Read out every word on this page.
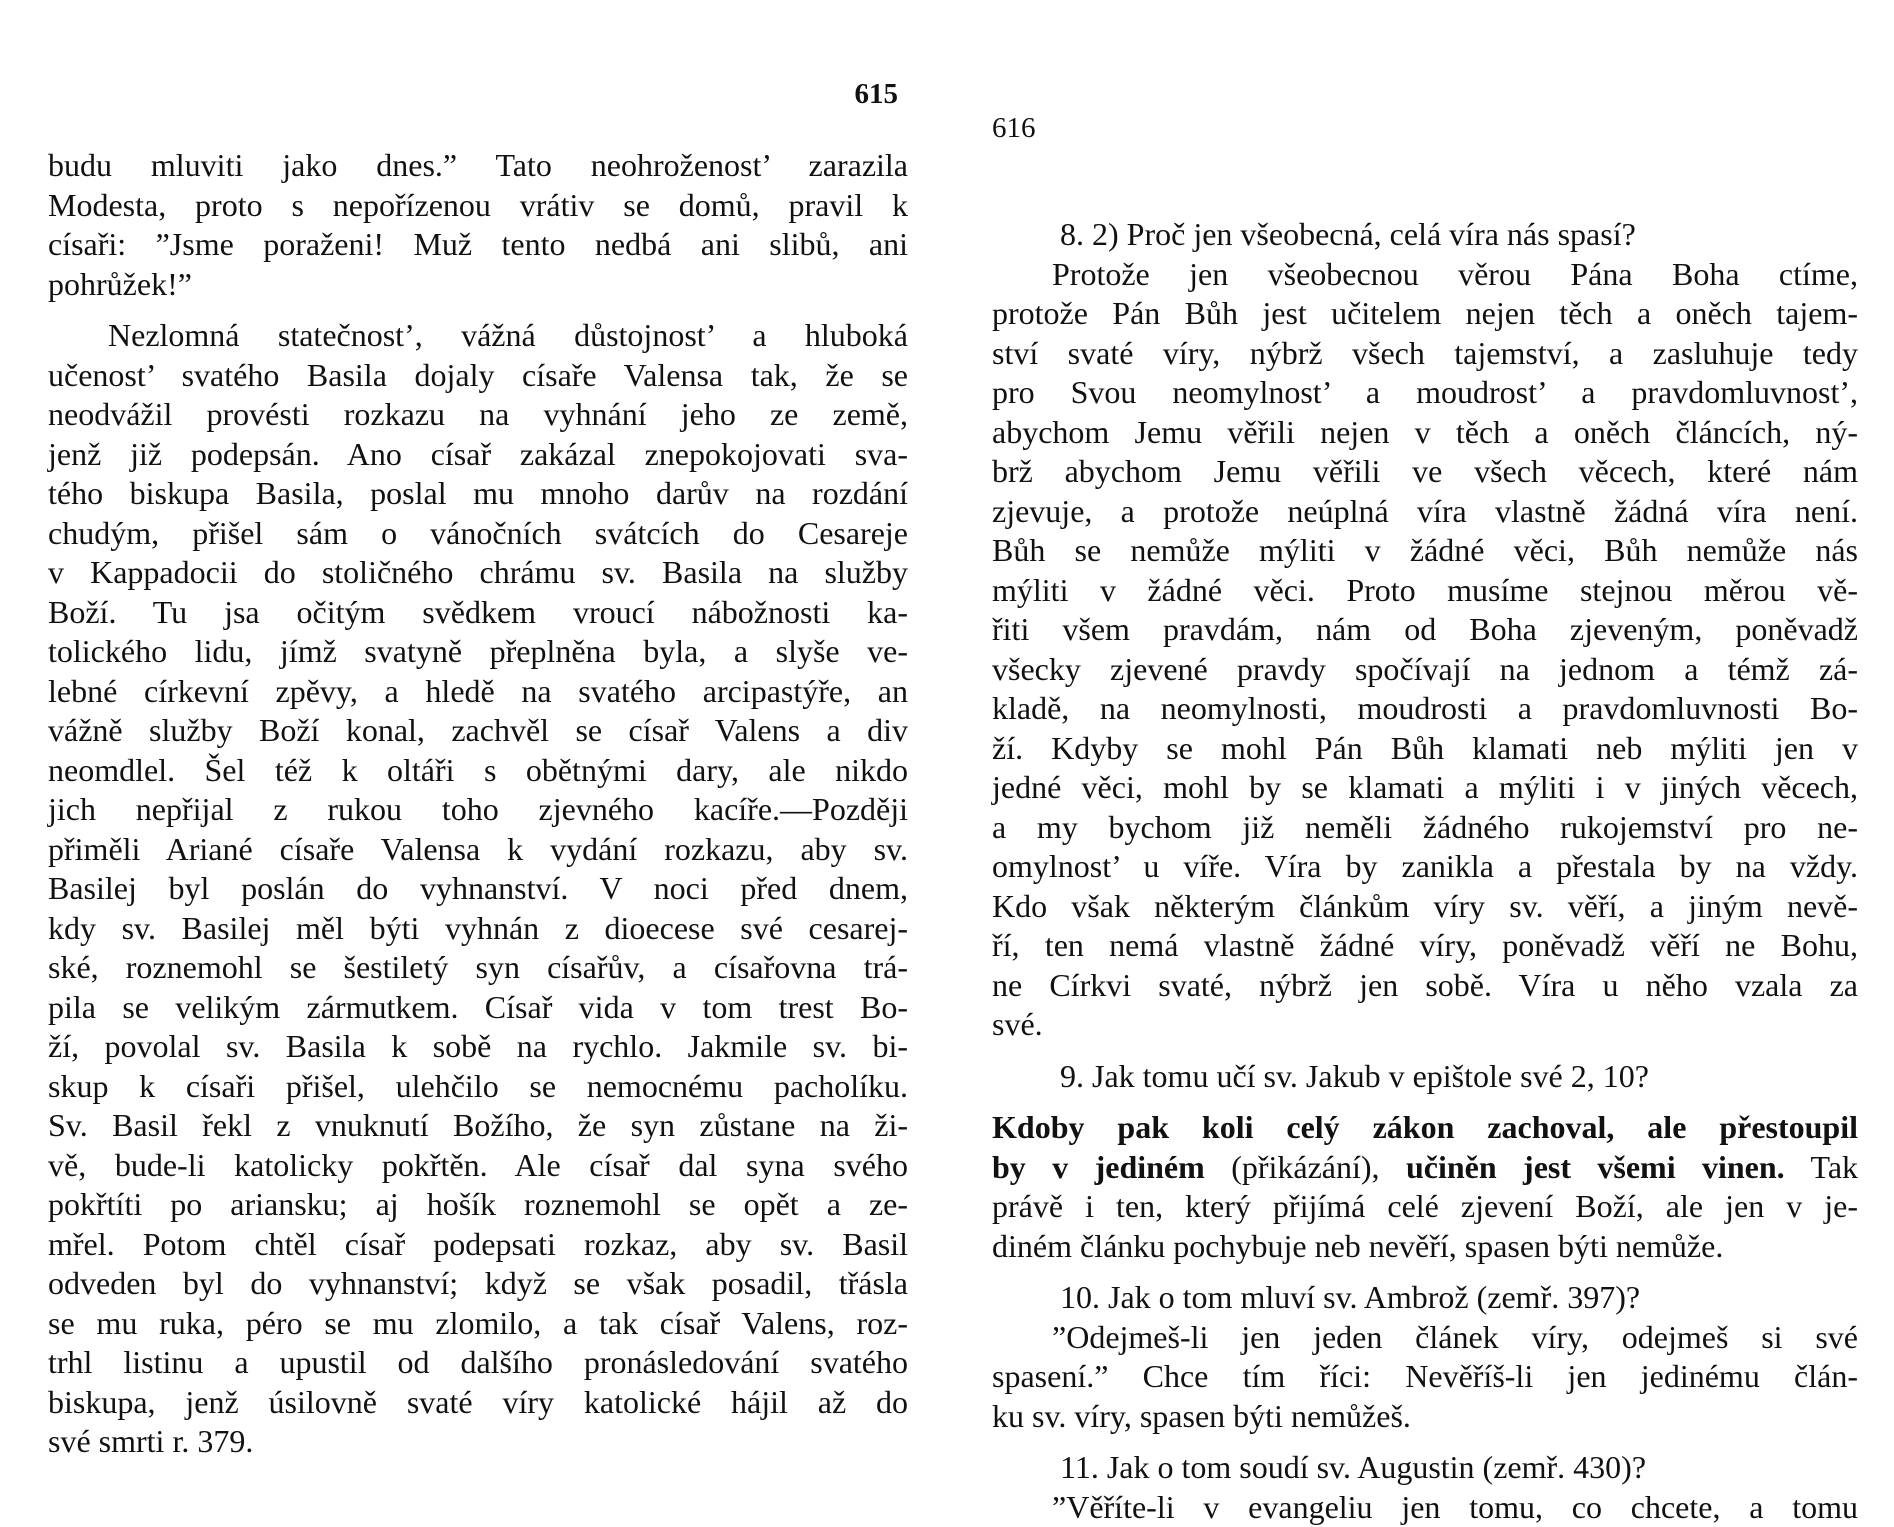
615

budu mluviti jako dnes.” Tato neohroženost’ zarazila

Modesta, proto s nepořízenou vrátiv se domů, pravil k

císaři: ”Jsme poraženi! Muž tento nedbá ani slibů, ani

pohrůžek!”

Nezlomná statečnost’, vážná důstojnost’ a hluboká

učenost’ svatého Basila dojaly císaře Valensa tak, že se

neodvážil provésti rozkazu na vyhnání jeho ze země,

jenž již podepsán. Ano císař zakázal znepokojovati sva-

tého biskupa Basila, poslal mu mnoho darův na rozdání

chudým, přišel sám o vánočních svátcích do Cesareje

v Kappadocii do stoličného chrámu sv. Basila na služby

Boží. Tu jsa očitým svědkem vroucí nábožnosti ka-

tolického lidu, jímž svatyně přeplněna byla, a slyše ve-

lebné církevní zpěvy, a hledě na svatého arcipastýře, an

vážně služby Boží konal, zachvěl se císař Valens a div

neomdlel. Šel též k oltáři s obětnými dary, ale nikdo

jich nepřijal z rukou toho zjevného kacíře.—Později

přiměli Ariané císaře Valensa k vydání rozkazu, aby sv.

Basilej byl poslán do vyhnanství. V noci před dnem,

kdy sv. Basilej měl býti vyhnán z dioecese své cesarej-

ské, roznemohl se šestiletý syn císařův, a císařovna trá-

pila se velikým zármutkem. Císař vida v tom trest Bo-

ží, povolal sv. Basila k sobě na rychlo. Jakmile sv. bi-

skup k císaři přišel, ulehčilo se nemocnému pacholíku.

Sv. Basil řekl z vnuknutí Božího, že syn zůstane na ži-

vě, bude-li katolicky pokřtěn. Ale císař dal syna svého

pokřtíti po ariansku; aj hošík roznemohl se opět a ze-

mřel. Potom chtěl císař podepsati rozkaz, aby sv. Basil

odveden byl do vyhnanství; když se však posadil, třásla

se mu ruka, péro se mu zlomilo, a tak císař Valens, roz-

trhl listinu a upustil od dalšího pronásledování svatého

biskupa, jenž úsilovně svaté víry katolické hájil až do

své smrti r. 379.

616

8. 2) Proč jen všeobecná, celá víra nás spasí?

Protože jen všeobecnou věrou Pána Boha ctíme,

protože Pán Bůh jest učitelem nejen těch a oněch tajem-

ství svaté víry, nýbrž všech tajemství, a zasluhuje tedy

pro Svou neomylnost’ a moudrost’ a pravdomluvnost’,

abychom Jemu věřili nejen v těch a oněch článcích, ný-

brž abychom Jemu věřili ve všech věcech, které nám

zjevuje, a protože neúplná víra vlastně žádná víra není.

Bůh se nemůže mýliti v žádné věci, Bůh nemůže nás

mýliti v žádné věci. Proto musíme stejnou měrou vě-

řiti všem pravdám, nám od Boha zjeveným, poněvadž

všecky zjevené pravdy spočívají na jednom a témž zá-

kladě, na neomylnosti, moudrosti a pravdomluvnosti Bo-

ží. Kdyby se mohl Pán Bůh klamati neb mýliti jen v

jedné věci, mohl by se klamati a mýliti i v jiných věcech,

a my bychom již neměli žádného rukojemství pro ne-

omylnost’ u víře. Víra by zanikla a přestala by na vždy.

Kdo však některým článkům víry sv. věří, a jiným nevě-

ří, ten nemá vlastně žádné víry, poněvadž věří ne Bohu,

ne Církvi svaté, nýbrž jen sobě. Víra u něho vzala za

své.

9. Jak tomu učí sv. Jakub v epištole své 2, 10?

Kdoby pak koli celý zákon zachoval, ale přestoupil

by v jediném (přikázání), učiněn jest všemi vinen. Tak

právě i ten, který přijímá celé zjevení Boží, ale jen v je-

diném článku pochybuje neb nevěří, spasen býti nemůže.

10. Jak o tom mluví sv. Ambrož (zemř. 397)?

”Odejmeš-li jen jeden článek víry, odejmeš si své

spasení.” Chce tím říci: Nevěříš-li jen jedinému člán-

ku sv. víry, spasen býti nemůžeš.

11. Jak o tom soudí sv. Augustin (zemř. 430)?

”Věříte-li v evangeliu jen tomu, co chcete, a tomu
